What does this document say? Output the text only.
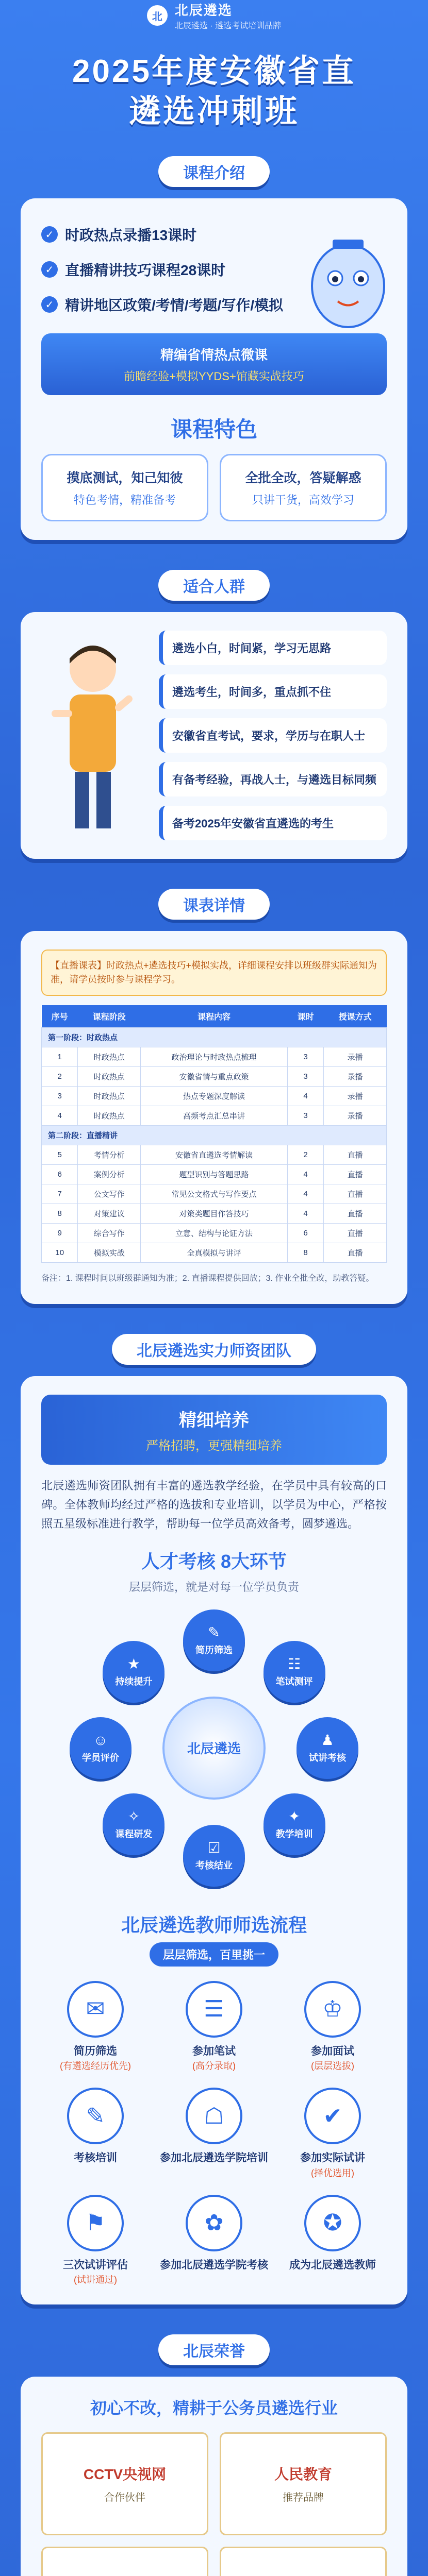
北 北辰遴选
北辰遴选 · 遴选考试培训品牌
2025年度安徽省直
遴选冲刺班
课程介绍
✓ 时政热点录播13课时
✓ 直播精讲技巧课程28课时
✓ 精讲地区政策/考情/考题/写作/模拟
精编省情热点微课
前瞻经验+模拟YYDS+馆藏实战技巧
课程特色
摸底测试，知己知彼
特色考情，精准备考
全批全改，答疑解惑
只讲干货，高效学习
适合人群
遴选小白，时间紧，学习无思路
遴选考生，时间多，重点抓不住
安徽省直考试，要求，学历与在职人士
有备考经验，再战人士，与遴选目标同频
备考2025年安徽省直遴选的考生
课表详情
【直播课表】时政热点+遴选技巧+模拟实战，详细课程安排以班级群实际通知为准，请学员按时参与课程学习。
序号	课程阶段	课程内容	课时	授课方式
第一阶段：时政热点				
1	时政热点	政治理论与时政热点梳理	3	录播
2	时政热点	安徽省情与重点政策	3	录播
3	时政热点	热点专题深度解读	4	录播
4	时政热点	高频考点汇总串讲	3	录播
第二阶段：直播精讲				
5	考情分析	安徽省直遴选考情解读	2	直播
6	案例分析	题型识别与答题思路	4	直播
7	公文写作	常见公文格式与写作要点	4	直播
8	对策建议	对策类题目作答技巧	4	直播
9	综合写作	立意、结构与论证方法	6	直播
10	模拟实战	全真模拟与讲评	8	直播
备注：1. 课程时间以班级群通知为准；2. 直播课程提供回放；3. 作业全批全改，助教答疑。
北辰遴选实力师资团队
精细培养
严格招聘，更强精细培养
北辰遴选师资团队拥有丰富的遴选教学经验，在学员中具有较高的口碑。全体教师均经过严格的选拔和专业培训，以学员为中心，严格按照五星级标准进行教学，帮助每一位学员高效备考，圆梦遴选。
人才考核 8大环节
层层筛选，就是对每一位学员负责
北辰遴选
✎
简历筛选
☷
笔试测评
♟
试讲考核
✦
教学培训
☑
考核结业
✧
课程研发
☺
学员评价
★
持续提升
北辰遴选教师师选流程
层层筛选，百里挑一
✉
简历筛选
(有遴选经历优先)
☰
参加笔试
(高分录取)
♔
参加面试
(层层选拔)
✎
考核培训
☖
参加北辰遴选学院培训
✔
参加实际试讲
(择优选用)
⚑
三次试讲评估
(试讲通过)
✿
参加北辰遴选学院考核
✪
成为北辰遴选教师
北辰荣誉
初心不改，精耕于公务员遴选行业
CCTV央视网
合作伙伴
人民教育
推荐品牌
